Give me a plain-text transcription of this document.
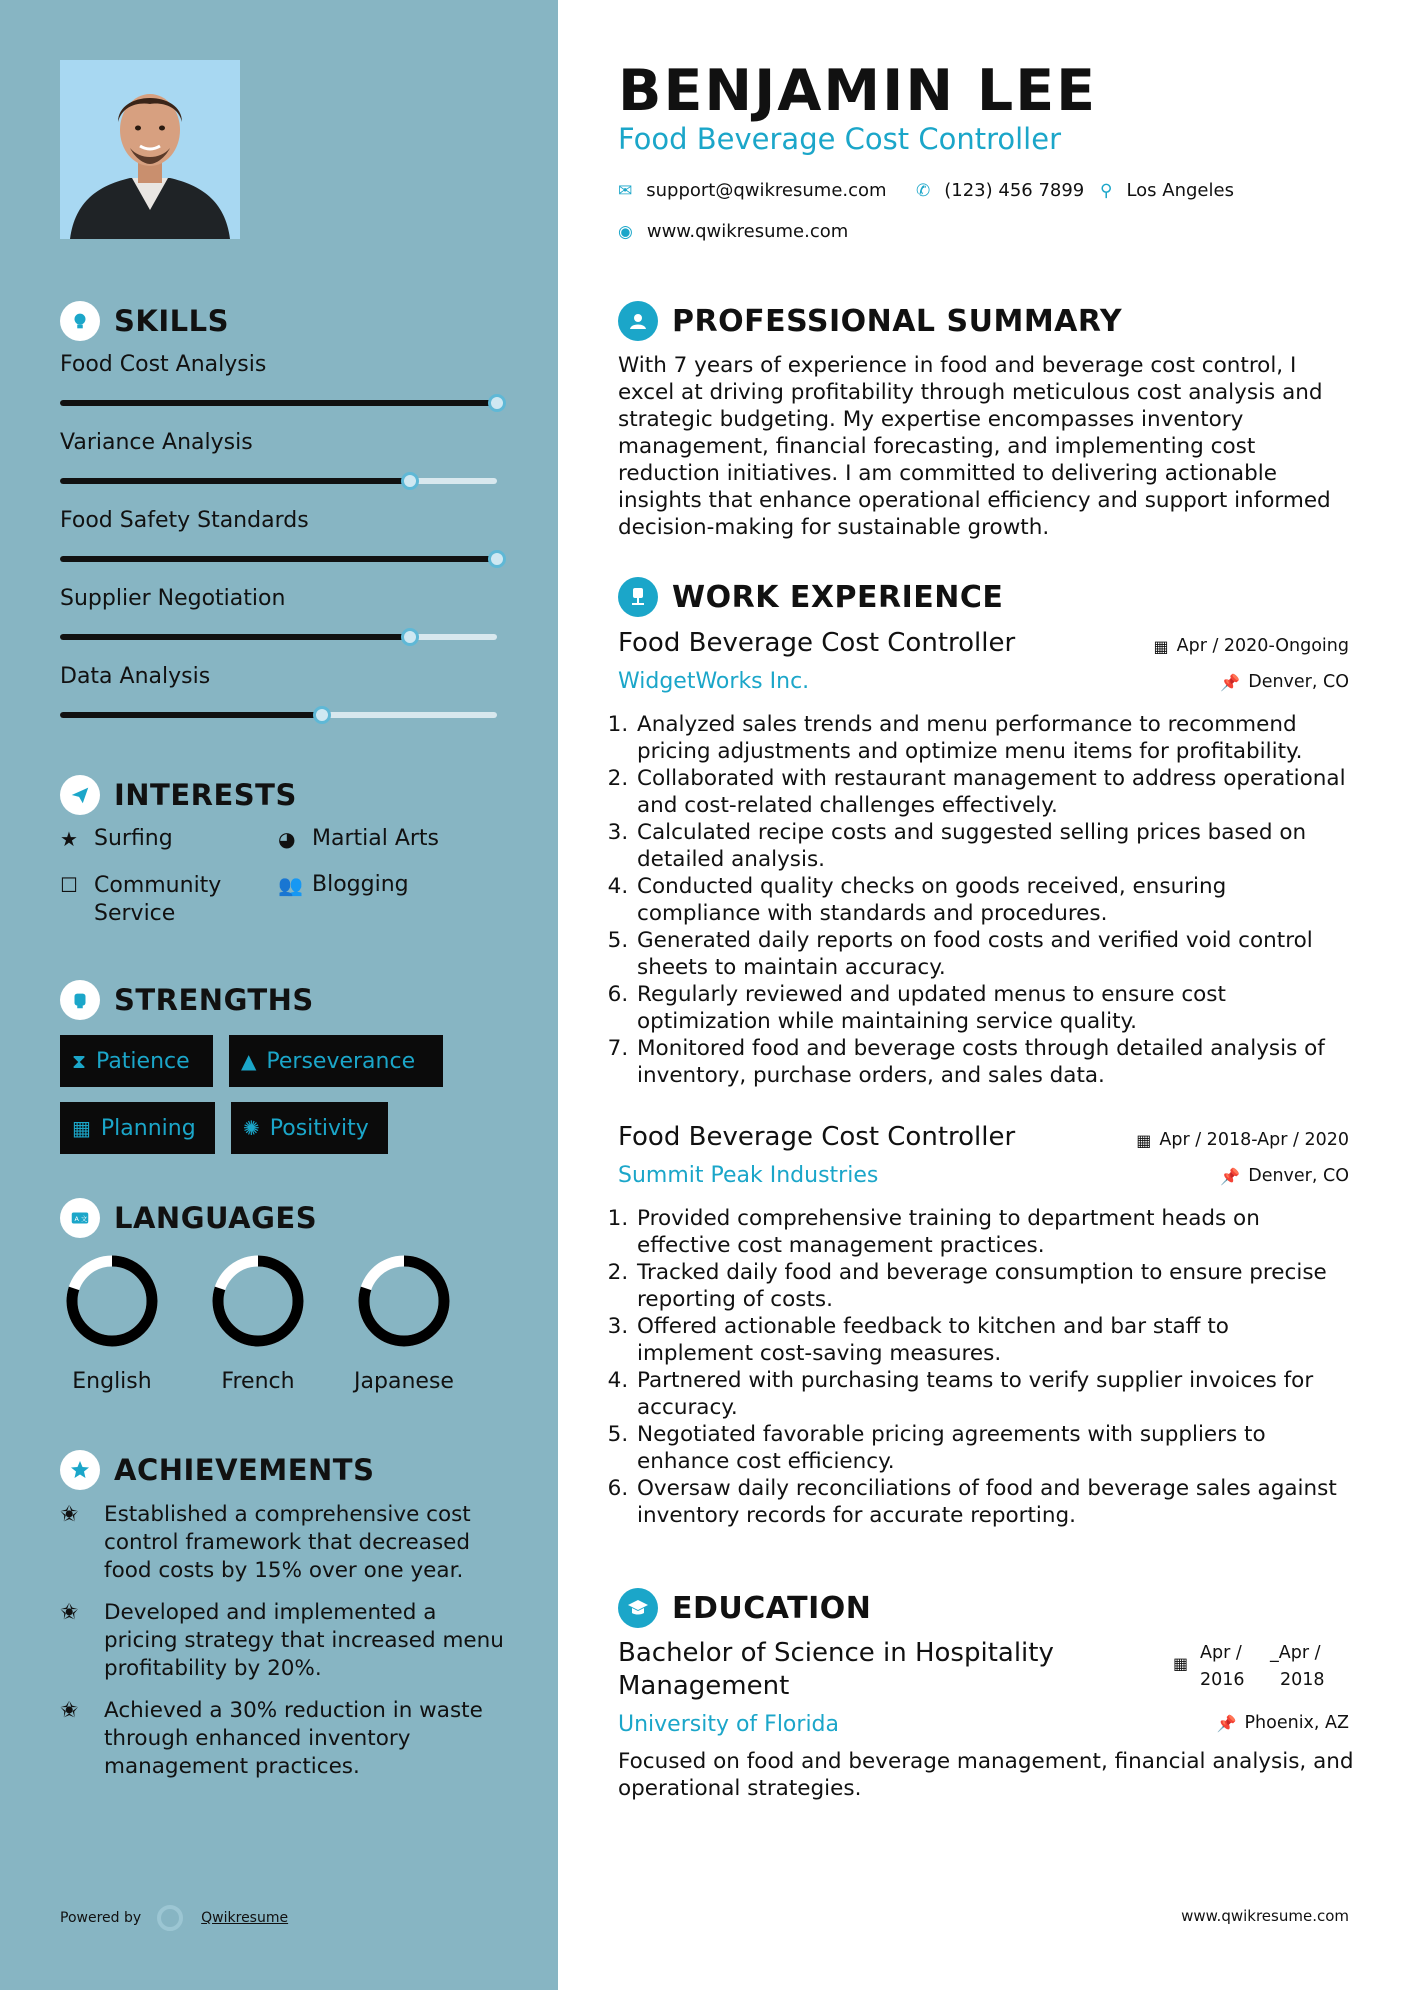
SKILLS
Food Cost Analysis
Variance Analysis
Food Safety Standards
Supplier Negotiation
Data Analysis
INTERESTS
★ Surfing	◕ Martial Arts
☐ Community Service
👥 Blogging
STRENGTHS
⧗ Patience	▲ Perseverance
▦ Planning ✺ Positivity
A 文 LANGUAGES
English	French	Japanese
ACHIEVEMENTS
✬	Established a comprehensive cost control framework that decreased food costs by 15% over one year.
✬	Developed and implemented a pricing strategy that increased menu profitability by 20%.
✬	Achieved a 30% reduction in waste through enhanced inventory management practices.
Powered by	Qwikresume
BENJAMIN LEE
Food Beverage Cost Controller
✉ support@qwikresume.com ✆ (123) 456 7899 ⚲ Los Angeles
◉ www.qwikresume.com
PROFESSIONAL SUMMARY
With 7 years of experience in food and beverage cost control, I excel at driving profitability through meticulous cost analysis and strategic budgeting. My expertise encompasses inventory management, financial forecasting, and implementing cost reduction initiatives. I am committed to delivering actionable insights that enhance operational efficiency and support informed decision-making for sustainable growth.
WORK EXPERIENCE
Food Beverage Cost Controller	▦ Apr / 2020-Ongoing
WidgetWorks Inc.	📌 Denver, CO
1. Analyzed sales trends and menu performance to recommend pricing adjustments and optimize menu items for profitability.
2. Collaborated with restaurant management to address operational and cost-related challenges effectively.
3. Calculated recipe costs and suggested selling prices based on detailed analysis.
4. Conducted quality checks on goods received, ensuring compliance with standards and procedures.
5. Generated daily reports on food costs and verified void control sheets to maintain accuracy.
6. Regularly reviewed and updated menus to ensure cost optimization while maintaining service quality.
7. Monitored food and beverage costs through detailed analysis of inventory, purchase orders, and sales data.
Food Beverage Cost Controller	▦ Apr / 2018-Apr / 2020
Summit Peak Industries	📌 Denver, CO
1. Provided comprehensive training to department heads on effective cost management practices.
2. Tracked daily food and beverage consumption to ensure precise reporting of costs.
3. Offered actionable feedback to kitchen and bar staff to implement cost-saving measures.
4. Partnered with purchasing teams to verify supplier invoices for accuracy.
5. Negotiated favorable pricing agreements with suppliers to enhance cost efficiency.
6. Oversaw daily reconciliations of food and beverage sales against inventory records for accurate reporting.
EDUCATION
Bachelor of Science in Hospitality Management
▦
Apr /
2016
_Apr /
2018
University of Florida	📌 Phoenix, AZ
Focused on food and beverage management, financial analysis, and operational strategies.
www.qwikresume.com
